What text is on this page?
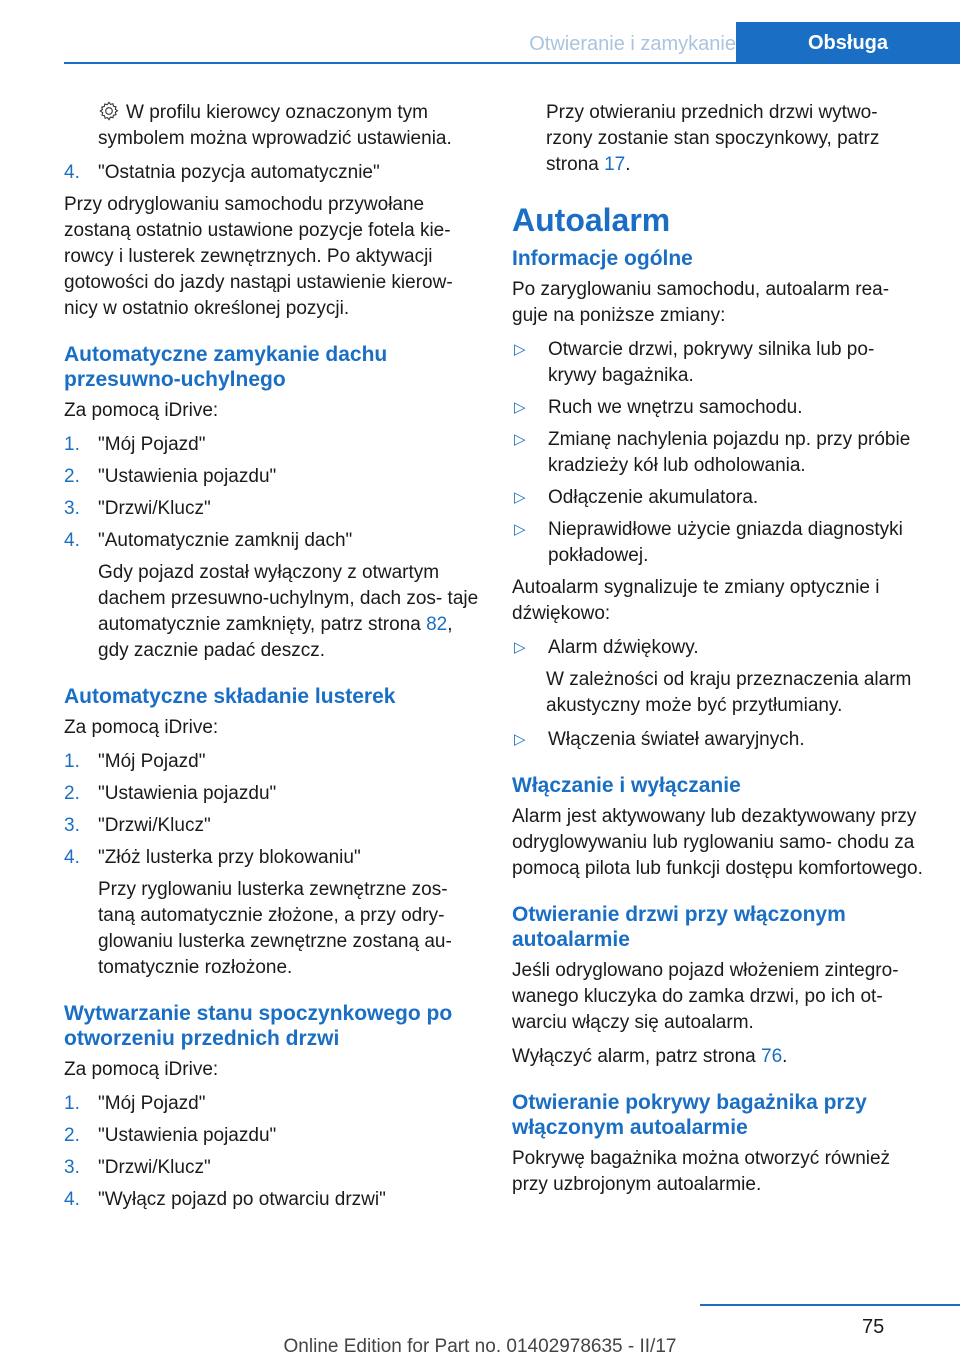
Otwieranie i zamykanie	Obsługa

W profilu kierowcy oznaczonym tym symbolem można wprowadzić ustawienia.

4. "Ostatnia pozycja automatycznie"

Przy odryglowaniu samochodu przywołane zostaną ostatnio ustawione pozycje fotela kie- rowcy i lusterek zewnętrznych. Po aktywacji gotowości do jazdy nastąpi ustawienie kierow- nicy w ostatnio określonej pozycji.

Automatyczne zamykanie dachu przesuwno-uchylnego

Za pomocą iDrive:

1. "Mój Pojazd"
2. "Ustawienia pojazdu"
3. "Drzwi/Klucz"
4. "Automatycznie zamknij dach"

Gdy pojazd został wyłączony z otwartym dachem przesuwno-uchylnym, dach zos- taje automatycznie zamknięty, patrz strona 82, gdy zacznie padać deszcz.

Automatyczne składanie lusterek

Za pomocą iDrive:

1. "Mój Pojazd"
2. "Ustawienia pojazdu"
3. "Drzwi/Klucz"
4. "Złóż lusterka przy blokowaniu"

Przy ryglowaniu lusterka zewnętrzne zos- taną automatycznie złożone, a przy odry- glowaniu lusterka zewnętrzne zostaną au- tomatycznie rozłożone.

Wytwarzanie stanu spoczynkowego po otworzeniu przednich drzwi

Za pomocą iDrive:

1. "Mój Pojazd"
2. "Ustawienia pojazdu"
3. "Drzwi/Klucz"
4. "Wyłącz pojazd po otwarciu drzwi"

Przy otwieraniu przednich drzwi wytwo- rzony zostanie stan spoczynkowy, patrz strona 17.

Autoalarm
Informacje ogólne

Po zaryglowaniu samochodu, autoalarm rea- guje na poniższe zmiany:

▷	Otwarcie drzwi, pokrywy silnika lub po- krywy bagażnika.
▷	Ruch we wnętrzu samochodu.
▷	Zmianę nachylenia pojazdu np. przy próbie kradzieży kół lub odholowania.
▷	Odłączenie akumulatora.
▷	Nieprawidłowe użycie gniazda diagnostyki pokładowej.

Autoalarm sygnalizuje te zmiany optycznie i dźwiękowo:

▷	Alarm dźwiękowy.

W zależności od kraju przeznaczenia alarm akustyczny może być przytłumiany.

▷	Włączenia świateł awaryjnych.
Włączanie i wyłączanie

Alarm jest aktywowany lub dezaktywowany przy odryglowywaniu lub ryglowaniu samo- chodu za pomocą pilota lub funkcji dostępu komfortowego.

Otwieranie drzwi przy włączonym autoalarmie

Jeśli odryglowano pojazd włożeniem zintegro- wanego kluczyka do zamka drzwi, po ich ot- warciu włączy się autoalarm.

Wyłączyć alarm, patrz strona 76.

Otwieranie pokrywy bagażnika przy włączonym autoalarmie

Pokrywę bagażnika można otworzyć również przy uzbrojonym autoalarmie.

75
Online Edition for Part no. 01402978635 - II/17
